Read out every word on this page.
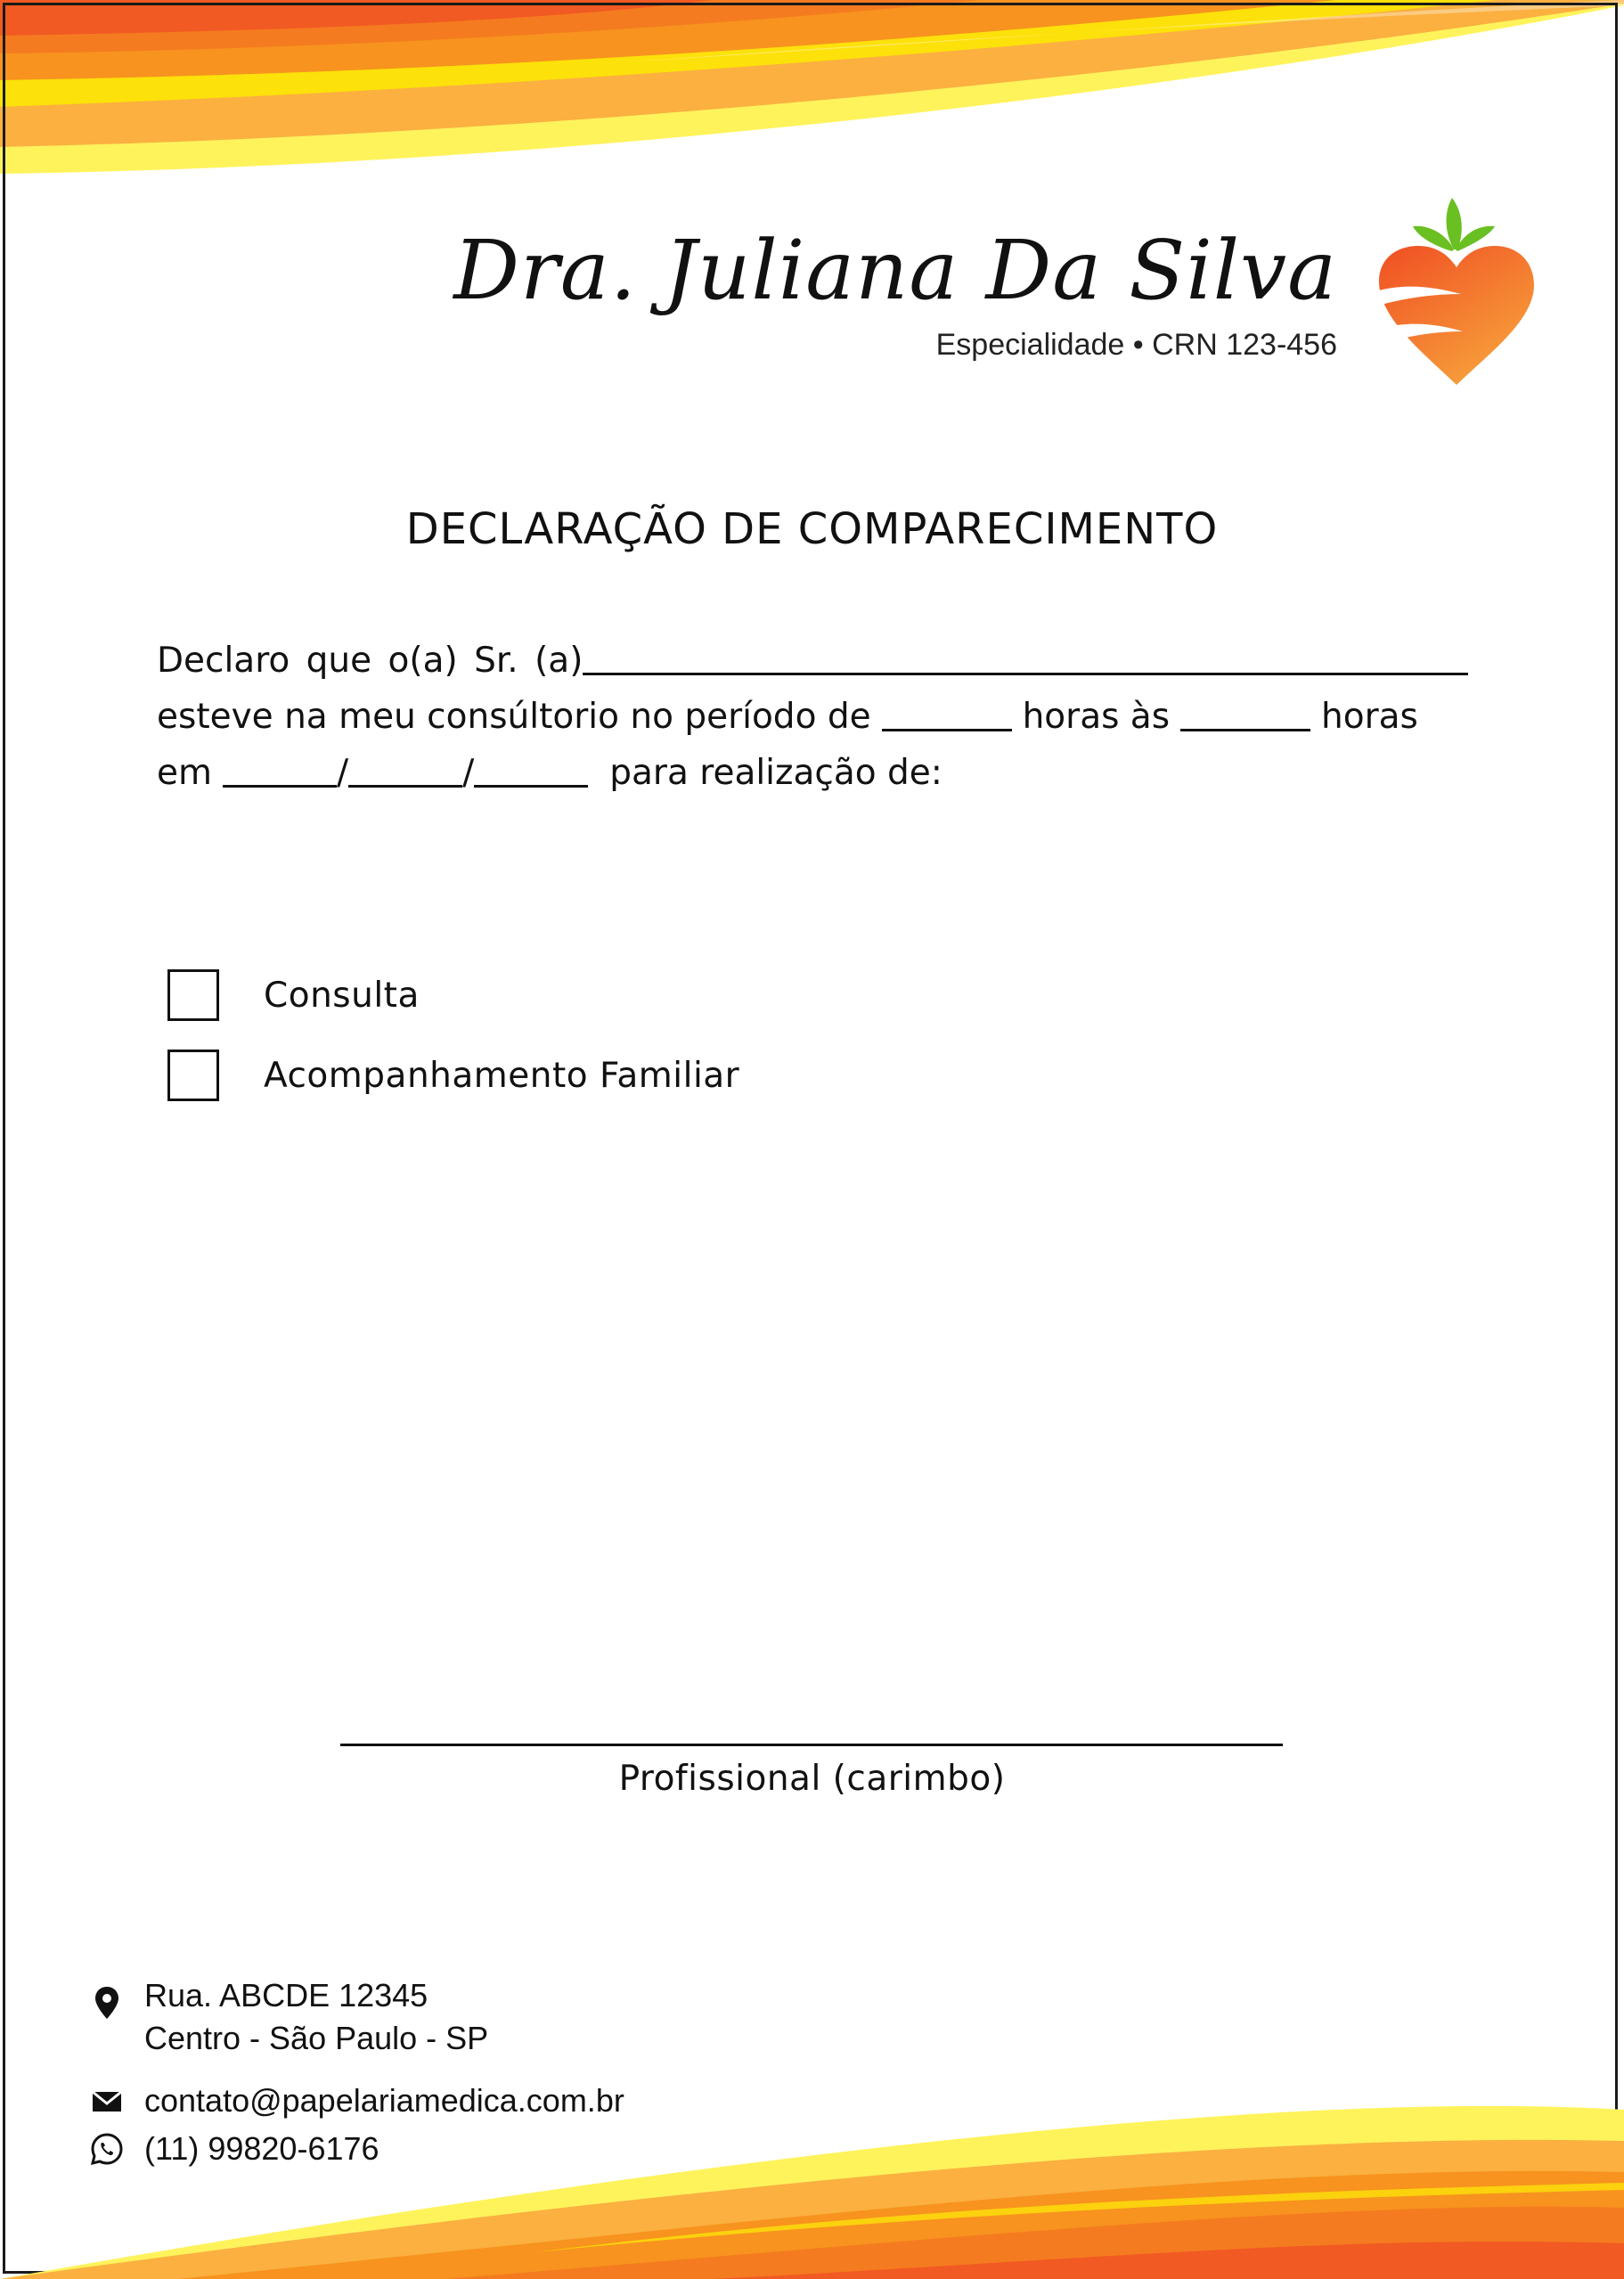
Dra. Juliana Da Silva
Especialidade • CRN 123-456
DECLARAÇÃO DE COMPARECIMENTO
Declaro que o(a) Sr. (a)
esteve na meu consúltorio no período de	horas às	horas
em	/	/	para realização de:
Consulta
Acompanhamento Familiar
Profissional (carimbo)
Rua. ABCDE 12345
Centro - São Paulo - SP
contato@papelariamedica.com.br
(11) 99820-6176
